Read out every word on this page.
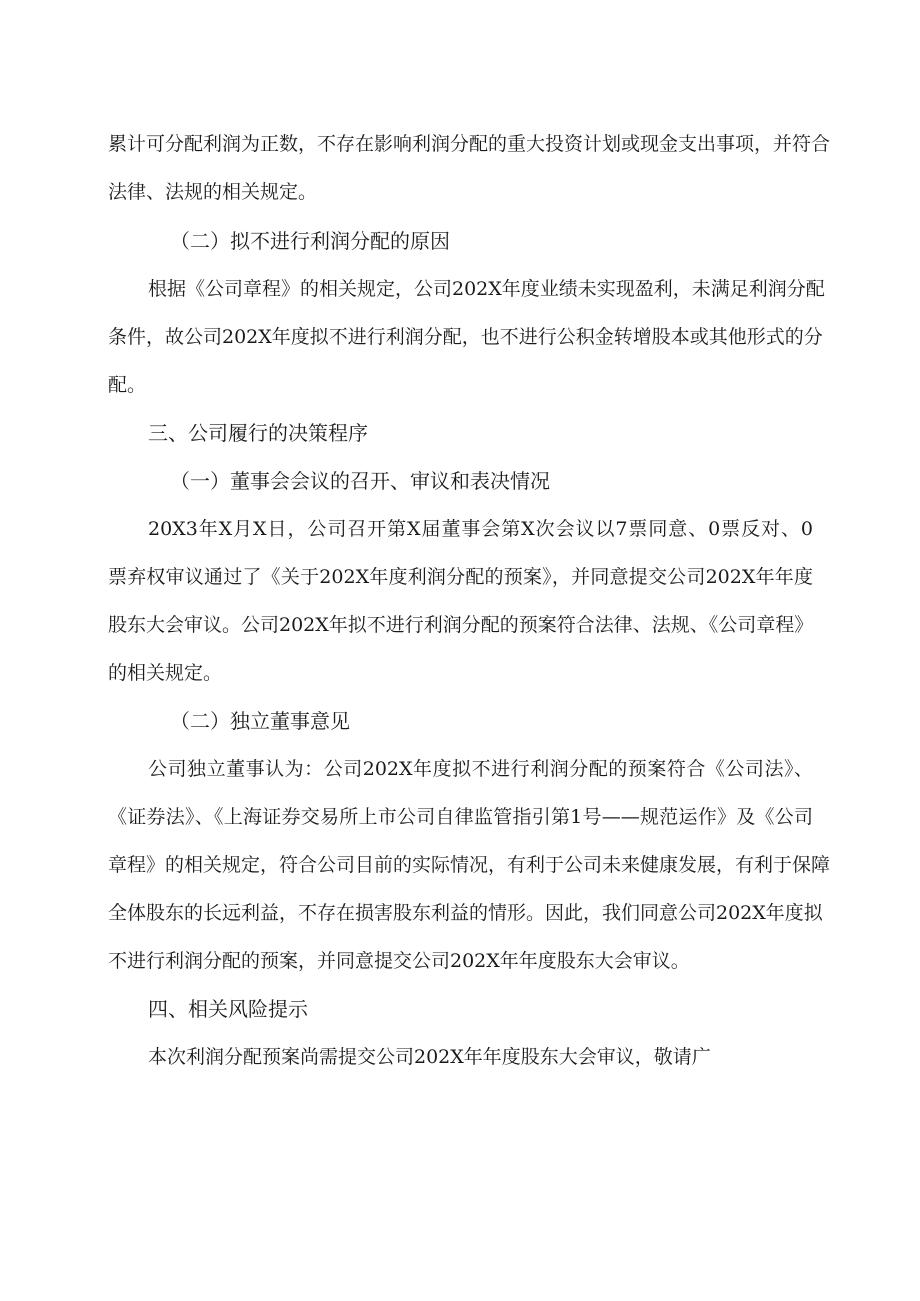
累计可分配利润为正数，不存在影响利润分配的重大投资计划或现金支出事项，并符合

法律、法规的相关规定。

（二）拟不进行利润分配的原因

根据《公司章程》的相关规定，公司202X年度业绩未实现盈利，未满足利润分配

条件，故公司202X年度拟不进行利润分配，也不进行公积金转增股本或其他形式的分

配。

三、公司履行的决策程序

（一）董事会会议的召开、审议和表决情况

20X3年X月X日，公司召开第X届董事会第X次会议以7票同意、0票反对、0

票弃权审议通过了《关于202X年度利润分配的预案》，并同意提交公司202X年年度

股东大会审议。公司202X年拟不进行利润分配的预案符合法律、法规、《公司章程》

的相关规定。

（二）独立董事意见

公司独立董事认为：公司202X年度拟不进行利润分配的预案符合《公司法》、

《证券法》、《上海证券交易所上市公司自律监管指引第1号——规范运作》及《公司

章程》的相关规定，符合公司目前的实际情况，有利于公司未来健康发展，有利于保障

全体股东的长远利益，不存在损害股东利益的情形。因此，我们同意公司202X年度拟

不进行利润分配的预案，并同意提交公司202X年年度股东大会审议。

四、相关风险提示

本次利润分配预案尚需提交公司202X年年度股东大会审议，敬请广
